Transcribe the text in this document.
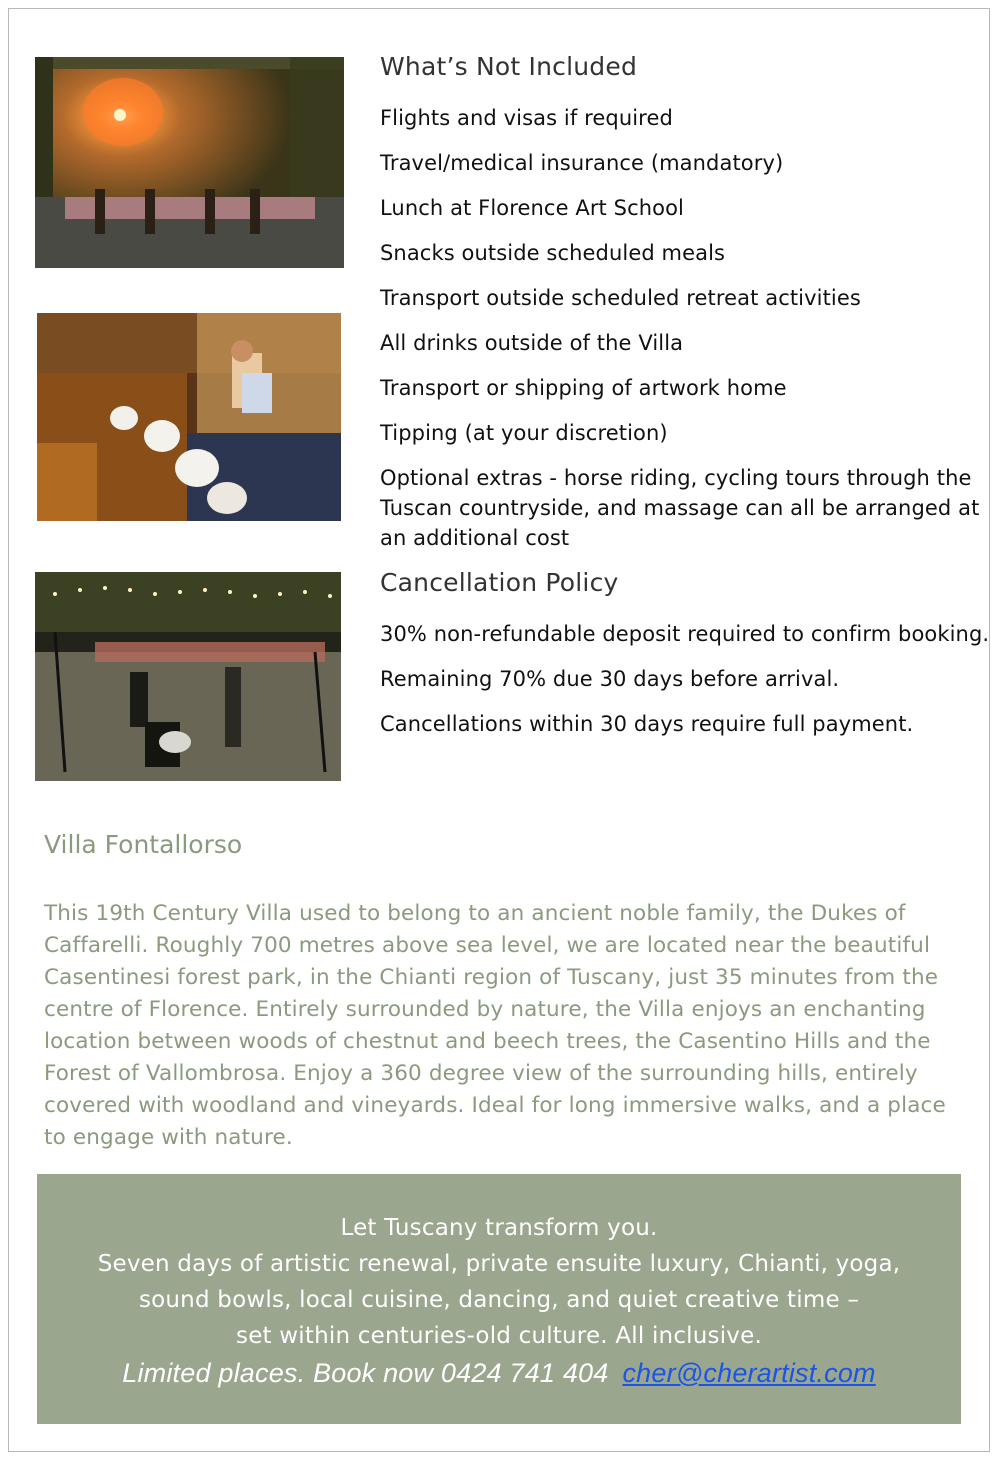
What’s Not Included
Flights and visas if required
Travel/medical insurance (mandatory)
Lunch at Florence Art School
Snacks outside scheduled meals
Transport outside scheduled retreat activities
All drinks outside of the Villa
Transport or shipping of artwork home
Tipping (at your discretion)
Optional extras - horse riding, cycling tours through the Tuscan countryside, and massage can all be arranged at an additional cost
Cancellation Policy
30% non-refundable deposit required to confirm booking.
Remaining 70% due 30 days before arrival.
Cancellations within 30 days require full payment.
Villa Fontallorso

This 19th Century Villa used to belong to an ancient noble family, the Dukes of Caffarelli. Roughly 700 metres above sea level, we are located near the beautiful Casentinesi forest park, in the Chianti region of Tuscany, just 35 minutes from the centre of Florence. Entirely surrounded by nature, the Villa enjoys an enchanting location between woods of chestnut and beech trees, the Casentino Hills and the Forest of Vallombrosa. Enjoy a 360 degree view of the surrounding hills, entirely covered with woodland and vineyards. Ideal for long immersive walks, and a place to engage with nature.

Let Tuscany transform you.

Seven days of artistic renewal, private ensuite luxury, Chianti, yoga,

sound bowls, local cuisine, dancing, and quiet creative time –

set within centuries-old culture. All inclusive.

Limited places. Book now 0424 741 404 cher@cherartist.com
